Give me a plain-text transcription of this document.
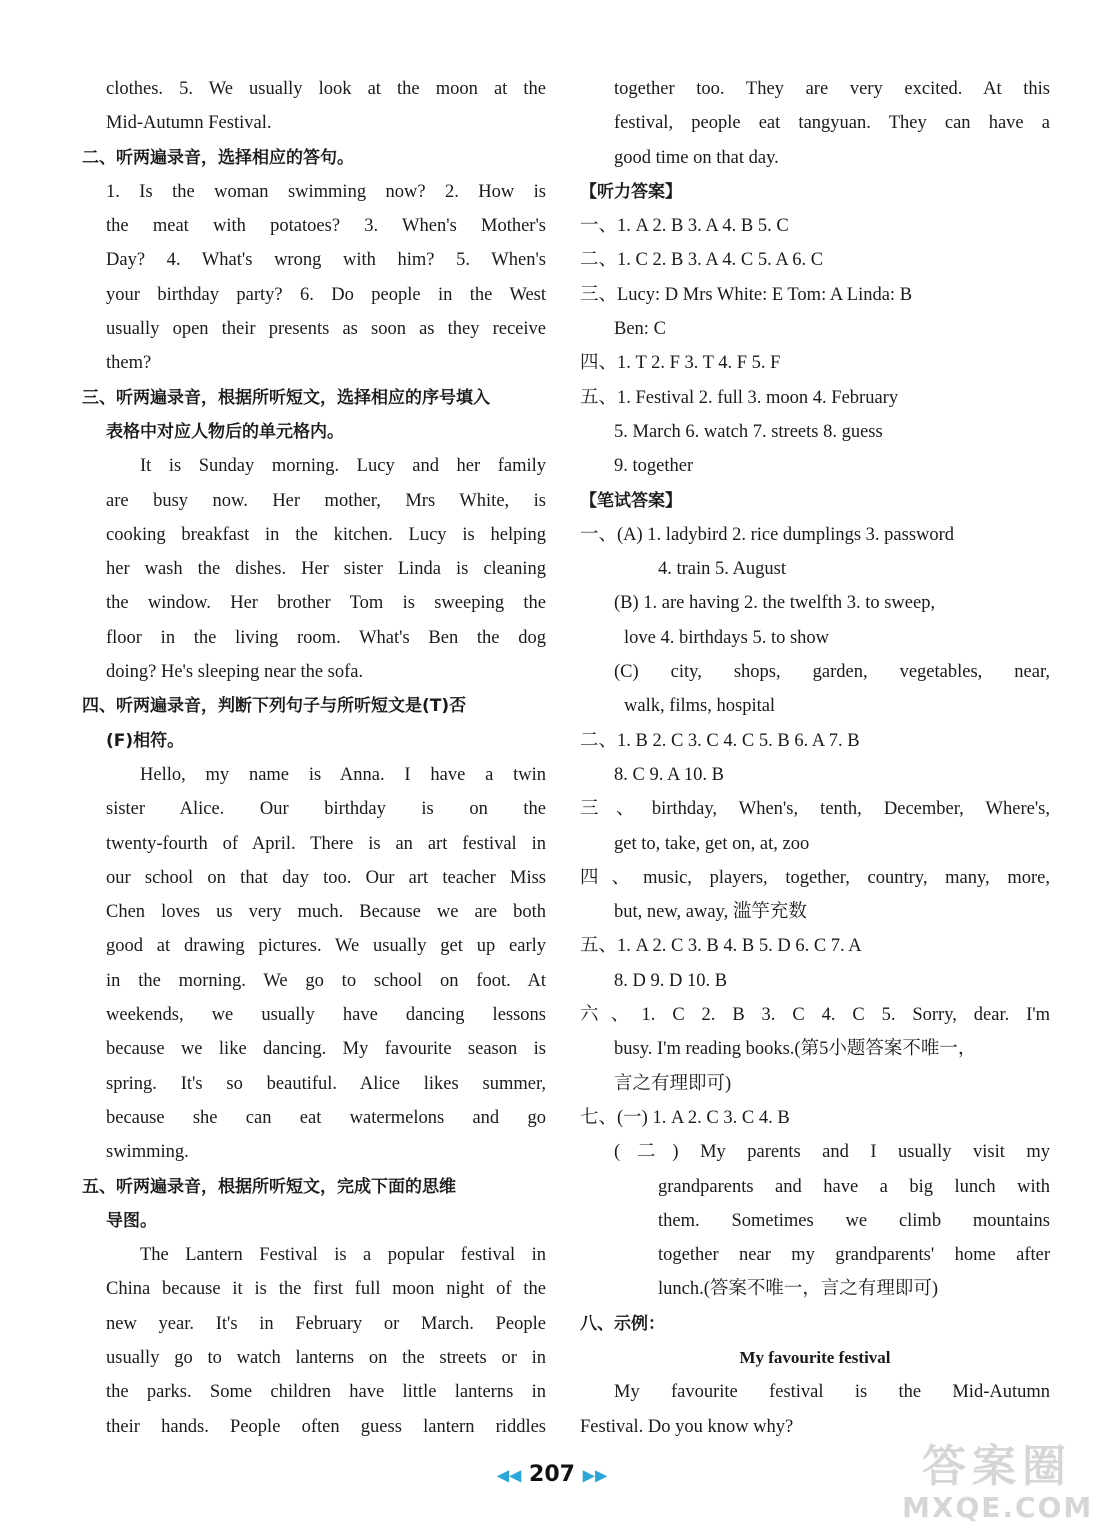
clothes. 5. We usually look at the moon at the
Mid-Autumn Festival.
二、听两遍录音，选择相应的答句。
1. Is the woman swimming now? 2. How is
the meat with potatoes? 3. When's Mother's
Day? 4. What's wrong with him? 5. When's
your birthday party? 6. Do people in the West
usually open their presents as soon as they receive
them?
三、听两遍录音，根据所听短文，选择相应的序号填入
表格中对应人物后的单元格内。
It is Sunday morning. Lucy and her family
are busy now. Her mother, Mrs White, is
cooking breakfast in the kitchen. Lucy is helping
her wash the dishes. Her sister Linda is cleaning
the window. Her brother Tom is sweeping the
floor in the living room. What's Ben the dog
doing? He's sleeping near the sofa.
四、听两遍录音，判断下列句子与所听短文是(T)否
(F)相符。
Hello, my name is Anna. I have a twin
sister Alice. Our birthday is on the
twenty-fourth of April. There is an art festival in
our school on that day too. Our art teacher Miss
Chen loves us very much. Because we are both
good at drawing pictures. We usually get up early
in the morning. We go to school on foot. At
weekends, we usually have dancing lessons
because we like dancing. My favourite season is
spring. It's so beautiful. Alice likes summer,
because she can eat watermelons and go
swimming.
五、听两遍录音，根据所听短文，完成下面的思维
导图。
The Lantern Festival is a popular festival in
China because it is the first full moon night of the
new year. It's in February or March. People
usually go to watch lanterns on the streets or in
the parks. Some children have little lanterns in
their hands. People often guess lantern riddles
together too. They are very excited. At this
festival, people eat tangyuan. They can have a
good time on that day.
【听力答案】
一、1. A 2. B 3. A 4. B 5. C
二、1. C 2. B 3. A 4. C 5. A 6. C
三、Lucy: D Mrs White: E Tom: A Linda: B
Ben: C
四、1. T 2. F 3. T 4. F 5. F
五、1. Festival 2. full 3. moon 4. February
5. March 6. watch 7. streets 8. guess
9. together
【笔试答案】
一、(A) 1. ladybird 2. rice dumplings 3. password
4. train 5. August
(B) 1. are having 2. the twelfth 3. to sweep,
love 4. birthdays 5. to show
(C) city, shops, garden, vegetables, near,
walk, films, hospital
二、1. B 2. C 3. C 4. C 5. B 6. A 7. B
8. C 9. A 10. B
三、birthday, When's, tenth, December, Where's,
get to, take, get on, at, zoo
四、music, players, together, country, many, more,
but, new, away, 滥竽充数
五、1. A 2. C 3. B 4. B 5. D 6. C 7. A
8. D 9. D 10. B
六、1. C 2. B 3. C 4. C 5. Sorry, dear. I'm
busy. I'm reading books.(第5小题答案不唯一，
言之有理即可)
七、(一) 1. A 2. C 3. C 4. B
(二) My parents and I usually visit my
grandparents and have a big lunch with
them. Sometimes we climb mountains
together near my grandparents' home after
lunch.(答案不唯一，言之有理即可)
八、示例：
My favourite festival
My favourite festival is the Mid-Autumn
Festival. Do you know why?
◀◀ 207 ▶▶	答案圈
MXQE.COM
